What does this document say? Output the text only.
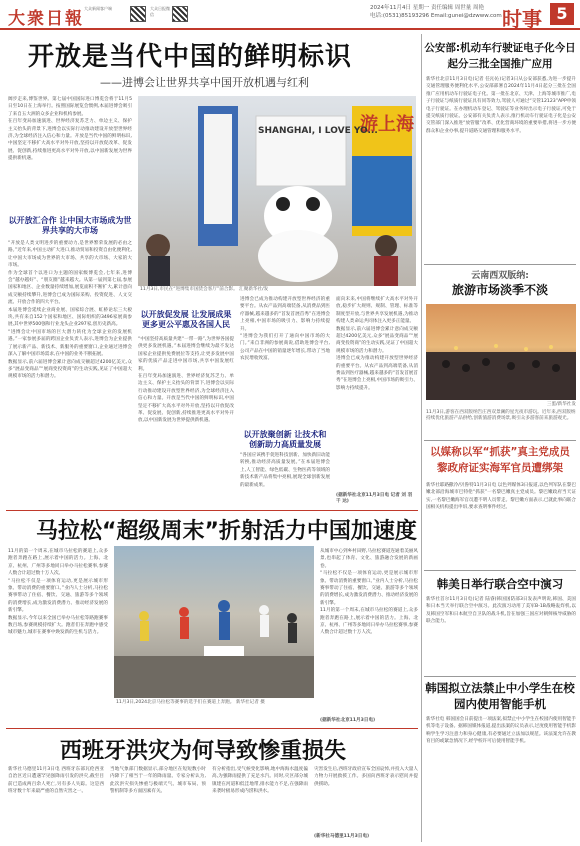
大衆日報
大众新闻客户端	大众日报微信
2024年11月4日 星期一 责任编辑 周世量 周艳
电话:(0531)85193296 Email:gunei@dzwww.com 时事 5
开放是当代中国的鲜明标识
——进博会让世界共享中国开放机遇与红利

阔步走来,博鉴世界。第七届中国国际进口博览会将于11月5日至10日在上海举行。按照国际展览会惯例,本届进博会吸引了来自五大洲的众多企业和机构参展。

在百年变局加速演进、世界经济复苏乏力、单边主义、保护主义抬头的背景下,进博会以实际行动推动建设开放型世界经济,为全球经济注入信心和力量。开放是当代中国的鲜明标识,中国坚定不移扩大高水平对外开放,坚持以开放促改革、促发展、促创新,持续推进更高水平对外开放,以中国新发展为世界提供新机遇。

以开放汇合作 让中国大市场成为世界共享的大市场

“开放是人类文明进步的重要动力,是世界繁荣发展的必由之路。”近年来,中国主动扩大进口,推动贸易和投资自由化便利化,让中国大市场成为世界的大市场、共享的大市场、大家的大市场。

作为全球首个以进口为主题的国家级博览会,七年来,进博会“越办越好”、“朋友圈”越来越大。从第一届到第七届,参展国家和地区、企业数量持续增加,展览面积不断扩大,累计意向成交额持续攀升,进博会已成为国际采购、投资促进、人文交流、开放合作的四大平台。

本届进博会延续企业商业展、国家综合展、虹桥论坛三大板块,共有来自152个国家和地区、国际组织的3496家展商参展,其中世界500强和行业龙头企业297家,创历史新高。

“进博会让中国市场的巨大潜力转化为全球企业的发展机遇。”一家参展多届的跨国企业负责人表示,进博会为企业提供了展示新产品、新技术、新服务的重要窗口,企业通过进博会深入了解中国市场需求,在中国的业务不断拓展。

数据显示,前六届进博会累计意向成交额超过4200亿美元,众多“展品变商品”“展商变投资商”的生动实践,见证了中国超大规模市场的活力和潜力。

游上海
SHANGHAI, I LOVE YO...
11月3日,市民在“进博集市国货会客厅”前合影。 汇聚新华社/发
以开放促发展 让发展成果更多更公平惠及各国人民

“中国坚持高质量共建“一带一路”,为世界各国提供更多发展机遇。”本届进博会继续为最不发达国家企业提供免费展位等支持,让更多发展中国家的优质产品走进中国市场,共享中国发展红利。

在百年变局加速演进、世界经济复苏乏力、单边主义、保护主义抬头的背景下,进博会以实际行动推动建设开放型世界经济,为全球经济注入信心和力量。开放是当代中国的鲜明标识,中国坚定不移扩大高水平对外开放,坚持以开放促改革、促发展、促创新,持续推进更高水平对外开放,以中国新发展为世界提供新机遇。

进博会已成为推动构建开放型世界经济的重要平台。从农产品到高端装备,从消费品到医疗器械,越来越多的“首发首展首秀”在进博会上亮相,中国市场的吸引力、影响力持续提升。

“进博会为我们打开了通向中国市场的大门。”来自非洲的参展商说,借助进博会平台,公司产品在中国的销量逐年增长,带动了当地农民增收致富。

以开放聚创新 让技术和创新助力高质量发展

“各国应该携手促进科技创新、加快新旧动能转换,推动经济高质量发展。”在本届进博会上,人工智能、绿色低碳、生物医药等领域的新技术新产品将集中亮相,展现全球创新发展的最新成果。

面向未来,中国将继续扩大高水平对外开放,稳步扩大规则、规制、管理、标准等制度型开放,与世界共享发展机遇,为推动构建人类命运共同体注入更多正能量。

数据显示,前六届进博会累计意向成交额超过4200亿美元,众多“展品变商品”“展商变投资商”的生动实践,见证了中国超大规模市场的活力和潜力。

进博会已成为推动构建开放型世界经济的重要平台。从农产品到高端装备,从消费品到医疗器械,越来越多的“首发首展首秀”在进博会上亮相,中国市场的吸引力、影响力持续提升。

(据新华社北京11月3日电 记者 刘 羽 干 达)
马拉松“超级周末”折射活力中国加速度

11月的第一个周末,在城市马拉松的赛道上,众多跑者奔跑在路上,展示着中国的活力。上海、北京、杭州、广州等多地同日举办马拉松赛事,参赛人数合计超过数十万人次。

“马拉松不仅是一项体育运动,更是展示城市形象、带动消费的重要窗口。”业内人士分析,马拉松赛事带动了住宿、餐饮、交通、旅游等多个领域的消费增长,成为激发消费潜力、推动经济发展的新引擎。

数据显示,今年以来全国已举办马拉松等路跑赛事数百场,参赛规模持续扩大。跑者们在奔跑中感受城市魅力,城市在赛事中焕发新的生机与活力。

11月3日,2024北京马拉松等赛事的选手们在赛道上奔跑。 新华社记者 摄

从城市中心到乡村田野,马拉松赛道连通着美丽风景,也串起了体育、文化、旅游融合发展的新画卷。

“马拉松不仅是一项体育运动,更是展示城市形象、带动消费的重要窗口。”业内人士分析,马拉松赛事带动了住宿、餐饮、交通、旅游等多个领域的消费增长,成为激发消费潜力、推动经济发展的新引擎。

11月的第一个周末,在城市马拉松的赛道上,众多跑者奔跑在路上,展示着中国的活力。上海、北京、杭州、广州等多地同日举办马拉松赛事,参赛人数合计超过数十万人次。

(据新华社北京11月3日电)
西班牙洪灾为何导致惨重损失
新华社马德里11月3日电 西班牙东部瓦伦西亚自治区近日遭遇罕见强降雨引发的洪灾,截至目前已造成两百余人死亡,另有多人失踪。这是西班牙数十年来最严重的自然灾害之一。
当地气象部门数据显示,部分地区在短短数小时内降下了相当于一年的降雨量。专家分析认为,此次洪灾损失惨重与极端天气、城市布局、预警机制等多方面因素有关。
有分析指出,受气候变化影响,地中海海水温度偏高,为强降雨提供了充足水汽。同时,灾区部分城镇建在河道和低洼地带,排水能力不足,在强降雨来袭时极易形成内涝和洪水。
灾害发生后,西班牙政府宣布全国哀悼,并投入大量人力物力开展救援工作。多国向西班牙表示慰问并提供援助。
(新华社马德里11月3日电)
公安部:机动车行驶证电子化今日起分三批全国推广应用
新华社北京11月3日电(记者 任沁沁)记者3日从公安部获悉,为进一步提升交通管理服务便利化水平,公安部部署自2024年11月4日起分三批在全国推广应用机动车行驶证电子化。第一批在北京、天津、上海等城市推广,电子行驶证与纸质行驶证具有同等效力,驾驶人可通过“交管12123”APP申领电子行驶证。在办理机动车登记、驾驶证等业务时出示电子行驶证,可免于提交纸质行驶证。公安部有关负责人表示,推行机动车行驶证电子化是公安交管部门深入推进“放管服”改革、优化营商环境的重要举措,将进一步方便群众和企业办事,提升道路交通管理和服务水平。
云南西双版纳:
旅游市场淡季不淡
三蛋/新华社发
11月3日,游客在西双版纳告庄西双景澜的星光夜市游玩。近年来,西双版纳持续优化旅游产品供给,创新旅游消费场景,吸引众多游客前来旅游观光。
以媒称以军“抓获”真主党成员 黎政府证实海军官员遭绑架
新华社耶路撒冷/贝鲁特11月3日电 以色列媒体3日报道,以色列军队在黎巴嫩北部沿海城市巴特伦“抓获”一名黎巴嫩真主党成员。黎巴嫩政府当天证实,一名黎巴嫩海军官员遭不明人员带走。黎巴嫩方面表示,已就此事向联合国相关机构提出申诉,要求查明事件经过。
韩美日举行联合空中演习
新华社首尔11月3日电(记者 陆睿)韩国国防部3日发表声明说,韩国、美国和日本当天举行联合空中演习。此次演习动用了美军B-1B战略轰炸机,以及韩国空军和日本航空自卫队的战斗机,旨在加强三国应对朝鲜核导威胁的联合能力。
韩国拟立法禁止中小学生在校园内使用智能手机
新华社电 韩国国会日前提出一项法案,拟禁止中小学生在校园内使用智能手机等电子设备。据韩国媒体报道,提出法案的议员表示,过度使用智能手机影响学生学习注意力和身心健康,有必要通过立法加以规范。该法案允许在教育目的或紧急情况下,经学校许可后使用智能手机。
